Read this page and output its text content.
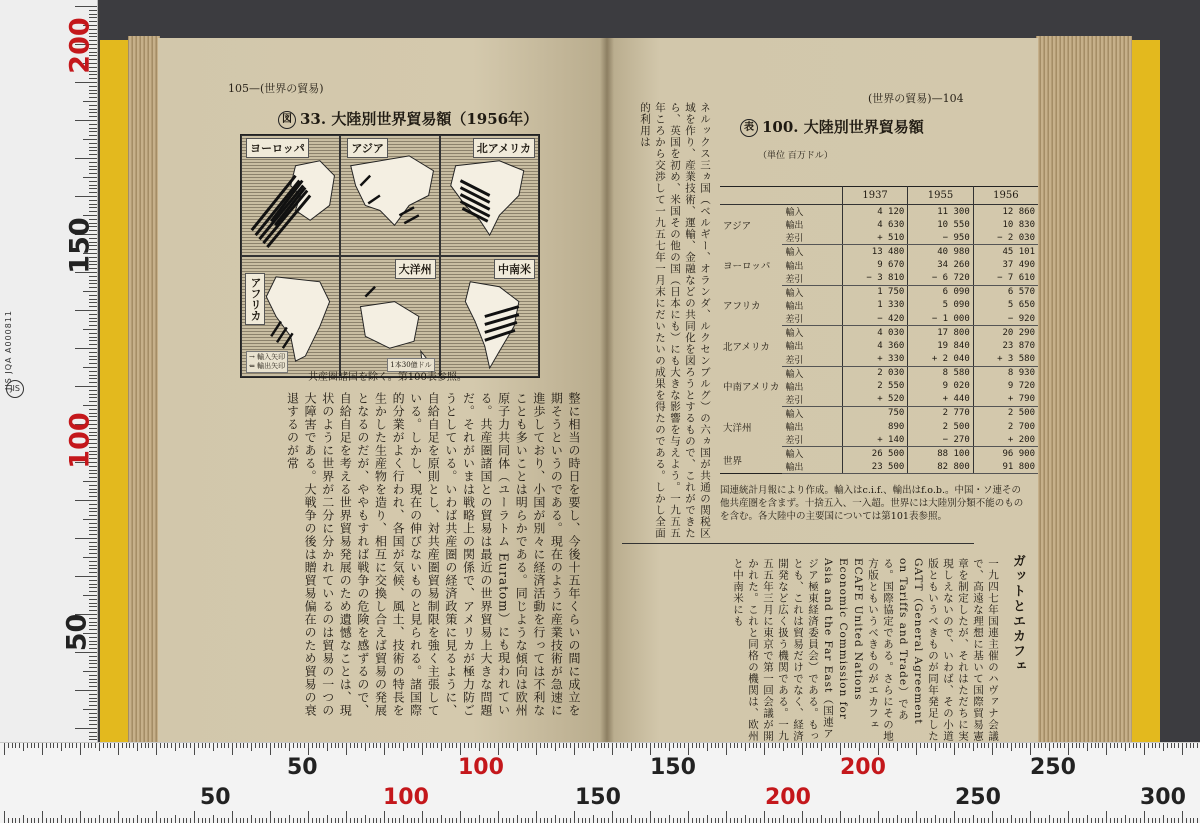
200
150
100
50
JIS
JIS JQA A000811
105—(世界の貿易)
図 33. 大陸別世界貿易額（1956年）
ヨーロッパ	アジア	北アメリカ
アフリカ
→ 輸入矢印
⇐ 輸出矢印
大洋州
1本30億ドル
中南米
共産圏諸国を除く。第100表参照。
整に相当の時日を要し、今後十五年くらいの間に成立を期そうというのである。現在のように産業技術が急速に進歩しており、小国が別々に経済活動を行っては不利なことも多いことは明らかである。同じような傾向は欧州原子力共同体（ユーラトム Euratom）にも現われている。共産圏諸国との貿易は最近の世界貿易上大きな問題だ。それがいまは戦略上の関係で、アメリカが極力防ごうとしている。いわば共産圏の経済政策に見るように、自給自足を原則とし、対共産圏貿易制限を強く主張している。しかし、現在の伸びないものと見られる。諸国際的分業がよく行われ、各国が気候、風土、技術の特長を生かした生産物を造り、相互に交換し合えば貿易の発展となるのだが、ややもすれば戦争の危険を感ずるので、自給自足を考える世界貿易発展のため遺憾なことは、現状のように世界が二分に分かれているのは貿易の一つの大障害である。大戦争の後は贈貿易偏在のため貿易の衰退するのが常
(世界の貿易)—104
ネルックス三ヵ国（ベルギー、オランダ、ルクセンブルグ）の六ヵ国が共通の関税区域を作り、産業技術、運輸、金融などの共同化を図ろうとするもので、これができたら、英国を初め、米国その他の国（日本にも）にも大きな影響を与えよう。一九五五年ころから交渉して一九五七年一月末にだいたいの成果を得たのである。しかし全面的利用は	表 100. 大陸別世界貿易額
（単位 百万ドル）
		1937	1955	1956
アジア	輸入	4 120	11 300	12 860
	輸出	4 630	10 550	10 830
	差引	+ 510	− 950	− 2 030
ヨーロッパ	輸入	13 480	40 980	45 101
	輸出	9 670	34 260	37 490
	差引	− 3 810	− 6 720	− 7 610
アフリカ	輸入	1 750	6 090	6 570
	輸出	1 330	5 090	5 650
	差引	− 420	− 1 000	− 920
北アメリカ	輸入	4 030	17 800	20 290
	輸出	4 360	19 840	23 870
	差引	+ 330	+ 2 040	+ 3 580
中南アメリカ	輸入	2 030	8 580	8 930
	輸出	2 550	9 020	9 720
	差引	+ 520	+ 440	+ 790
大洋州	輸入	750	2 770	2 500
	輸出	890	2 500	2 700
	差引	+ 140	− 270	+ 200
世界	輸入	26 500	88 100	96 900
	輸出	23 500	82 800	91 800
国連統計月報により作成。輸入はc.i.f.、輸出はf.o.b.。中国・ソ連その他共産圏を含まず。十捨五入、一入超。世界には大陸別分類不能のものを含む。各大陸中の主要国については第101表参照。
ガットとエカフェ
一九四七年国連主催のハヴァナ会議で、高遠な理想に基いて国際貿易憲章を制定したが、それはただちに実現しえないので、いわば、その小道版ともいうべきものが同年発足した GATT（General Agreement on Tariffs and Trade）である。国際協定である。さらにその地方版ともいうべきものがエカフェ ECAFE United Nations Economic Commission for Asia and the Far East（国連アジア極東経済委員会）である。もっとも、これは貿易だけでなく、経済開発など広く扱う機関である。一九五五年三月に東京で第一回会議が開かれた。これと同格の機関は、欧州と中南米にも
50	100	150	200	250
50	100	150	200	250	300
